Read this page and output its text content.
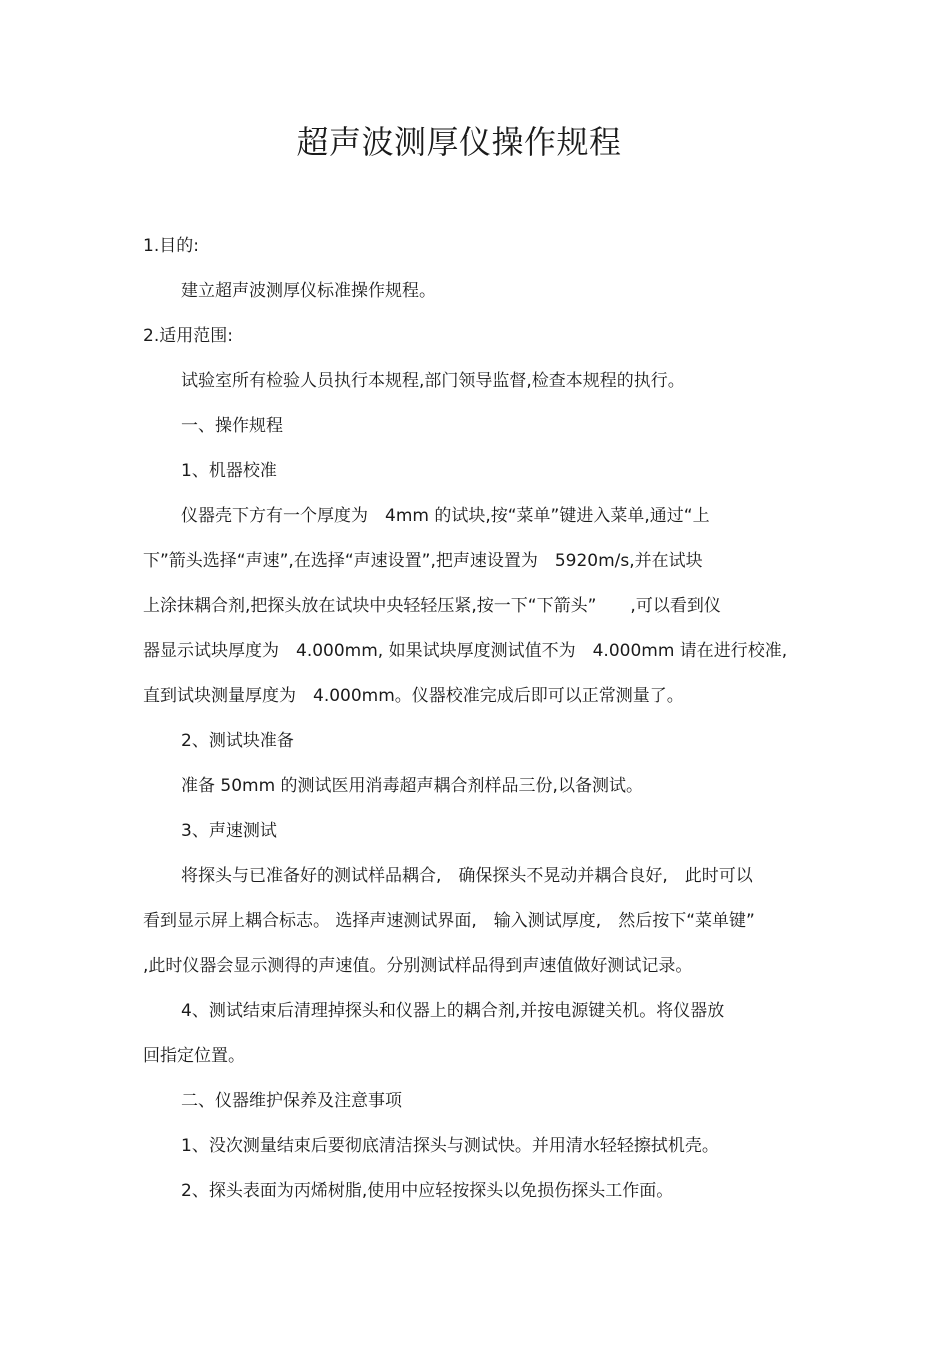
超声波测厚仪操作规程

1.目的:

建立超声波测厚仪标准操作规程。

2.适用范围:

试验室所有检验人员执行本规程,部门领导监督,检查本规程的执行。

一、操作规程

1、机器校准

仪器壳下方有一个厚度为　4mm 的试块,按“菜单”键进入菜单,通过“上
下”箭头选择“声速”,在选择“声速设置”,把声速设置为　5920m/s,并在试块
上涂抹耦合剂,把探头放在试块中央轻轻压紧,按一下“下箭头”　　,可以看到仪
器显示试块厚度为　4.000mm, 如果试块厚度测试值不为　4.000mm 请在进行校准,
直到试块测量厚度为　4.000mm。仪器校准完成后即可以正常测量了。

2、测试块准备

准备 50mm 的测试医用消毒超声耦合剂样品三份,以备测试。

3、声速测试

将探头与已准备好的测试样品耦合,　确保探头不晃动并耦合良好,　此时可以
看到显示屏上耦合标志。 选择声速测试界面,　输入测试厚度,　然后按下“菜单键”
,此时仪器会显示测得的声速值。分别测试样品得到声速值做好测试记录。
4、测试结束后清理掉探头和仪器上的耦合剂,并按电源键关机。将仪器放
回指定位置。

二、仪器维护保养及注意事项

1、没次测量结束后要彻底清洁探头与测试快。并用清水轻轻擦拭机壳。

2、探头表面为丙烯树脂,使用中应轻按探头以免损伤探头工作面。
